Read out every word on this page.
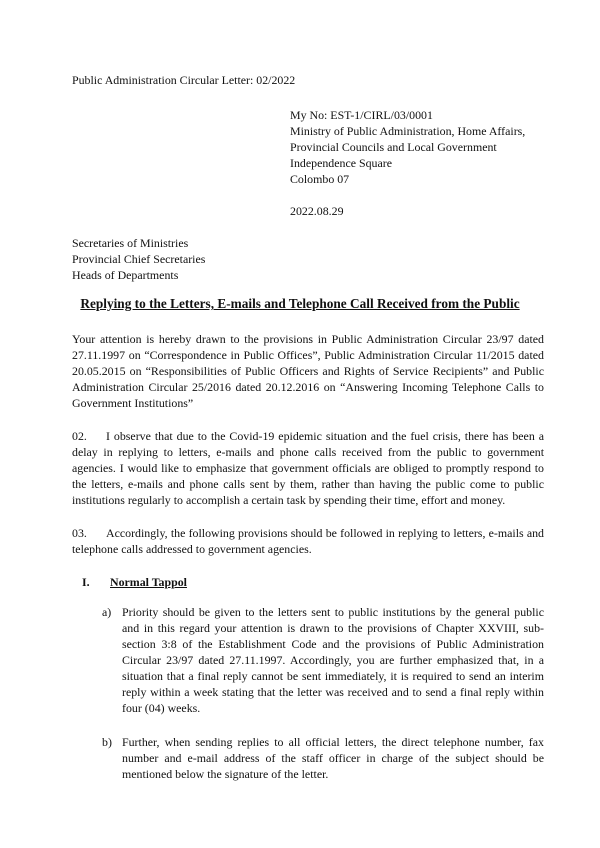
Public Administration Circular Letter: 02/2022
My No: EST-1/CIRL/03/0001
Ministry of Public Administration, Home Affairs,
Provincial Councils and Local Government
Independence Square
Colombo 07
2022.08.29
Secretaries of Ministries
Provincial Chief Secretaries
Heads of Departments
Replying to the Letters, E-mails and Telephone Call Received from the Public
Your attention is hereby drawn to the provisions in Public Administration Circular 23/97 dated 27.11.1997 on “Correspondence in Public Offices”, Public Administration Circular 11/2015 dated 20.05.2015 on “Responsibilities of Public Officers and Rights of Service Recipients” and Public Administration Circular 25/2016 dated 20.12.2016 on “Answering Incoming Telephone Calls to Government Institutions”
02. I observe that due to the Covid-19 epidemic situation and the fuel crisis, there has been a delay in replying to letters, e-mails and phone calls received from the public to government agencies. I would like to emphasize that government officials are obliged to promptly respond to the letters, e-mails and phone calls sent by them, rather than having the public come to public institutions regularly to accomplish a certain task by spending their time, effort and money.
03. Accordingly, the following provisions should be followed in replying to letters, e-mails and telephone calls addressed to government agencies.
I. Normal Tappol
a) Priority should be given to the letters sent to public institutions by the general public and in this regard your attention is drawn to the provisions of Chapter XXVIII, sub-section 3:8 of the Establishment Code and the provisions of Public Administration Circular 23/97 dated 27.11.1997. Accordingly, you are further emphasized that, in a situation that a final reply cannot be sent immediately, it is required to send an interim reply within a week stating that the letter was received and to send a final reply within four (04) weeks.
b) Further, when sending replies to all official letters, the direct telephone number, fax number and e-mail address of the staff officer in charge of the subject should be mentioned below the signature of the letter.
